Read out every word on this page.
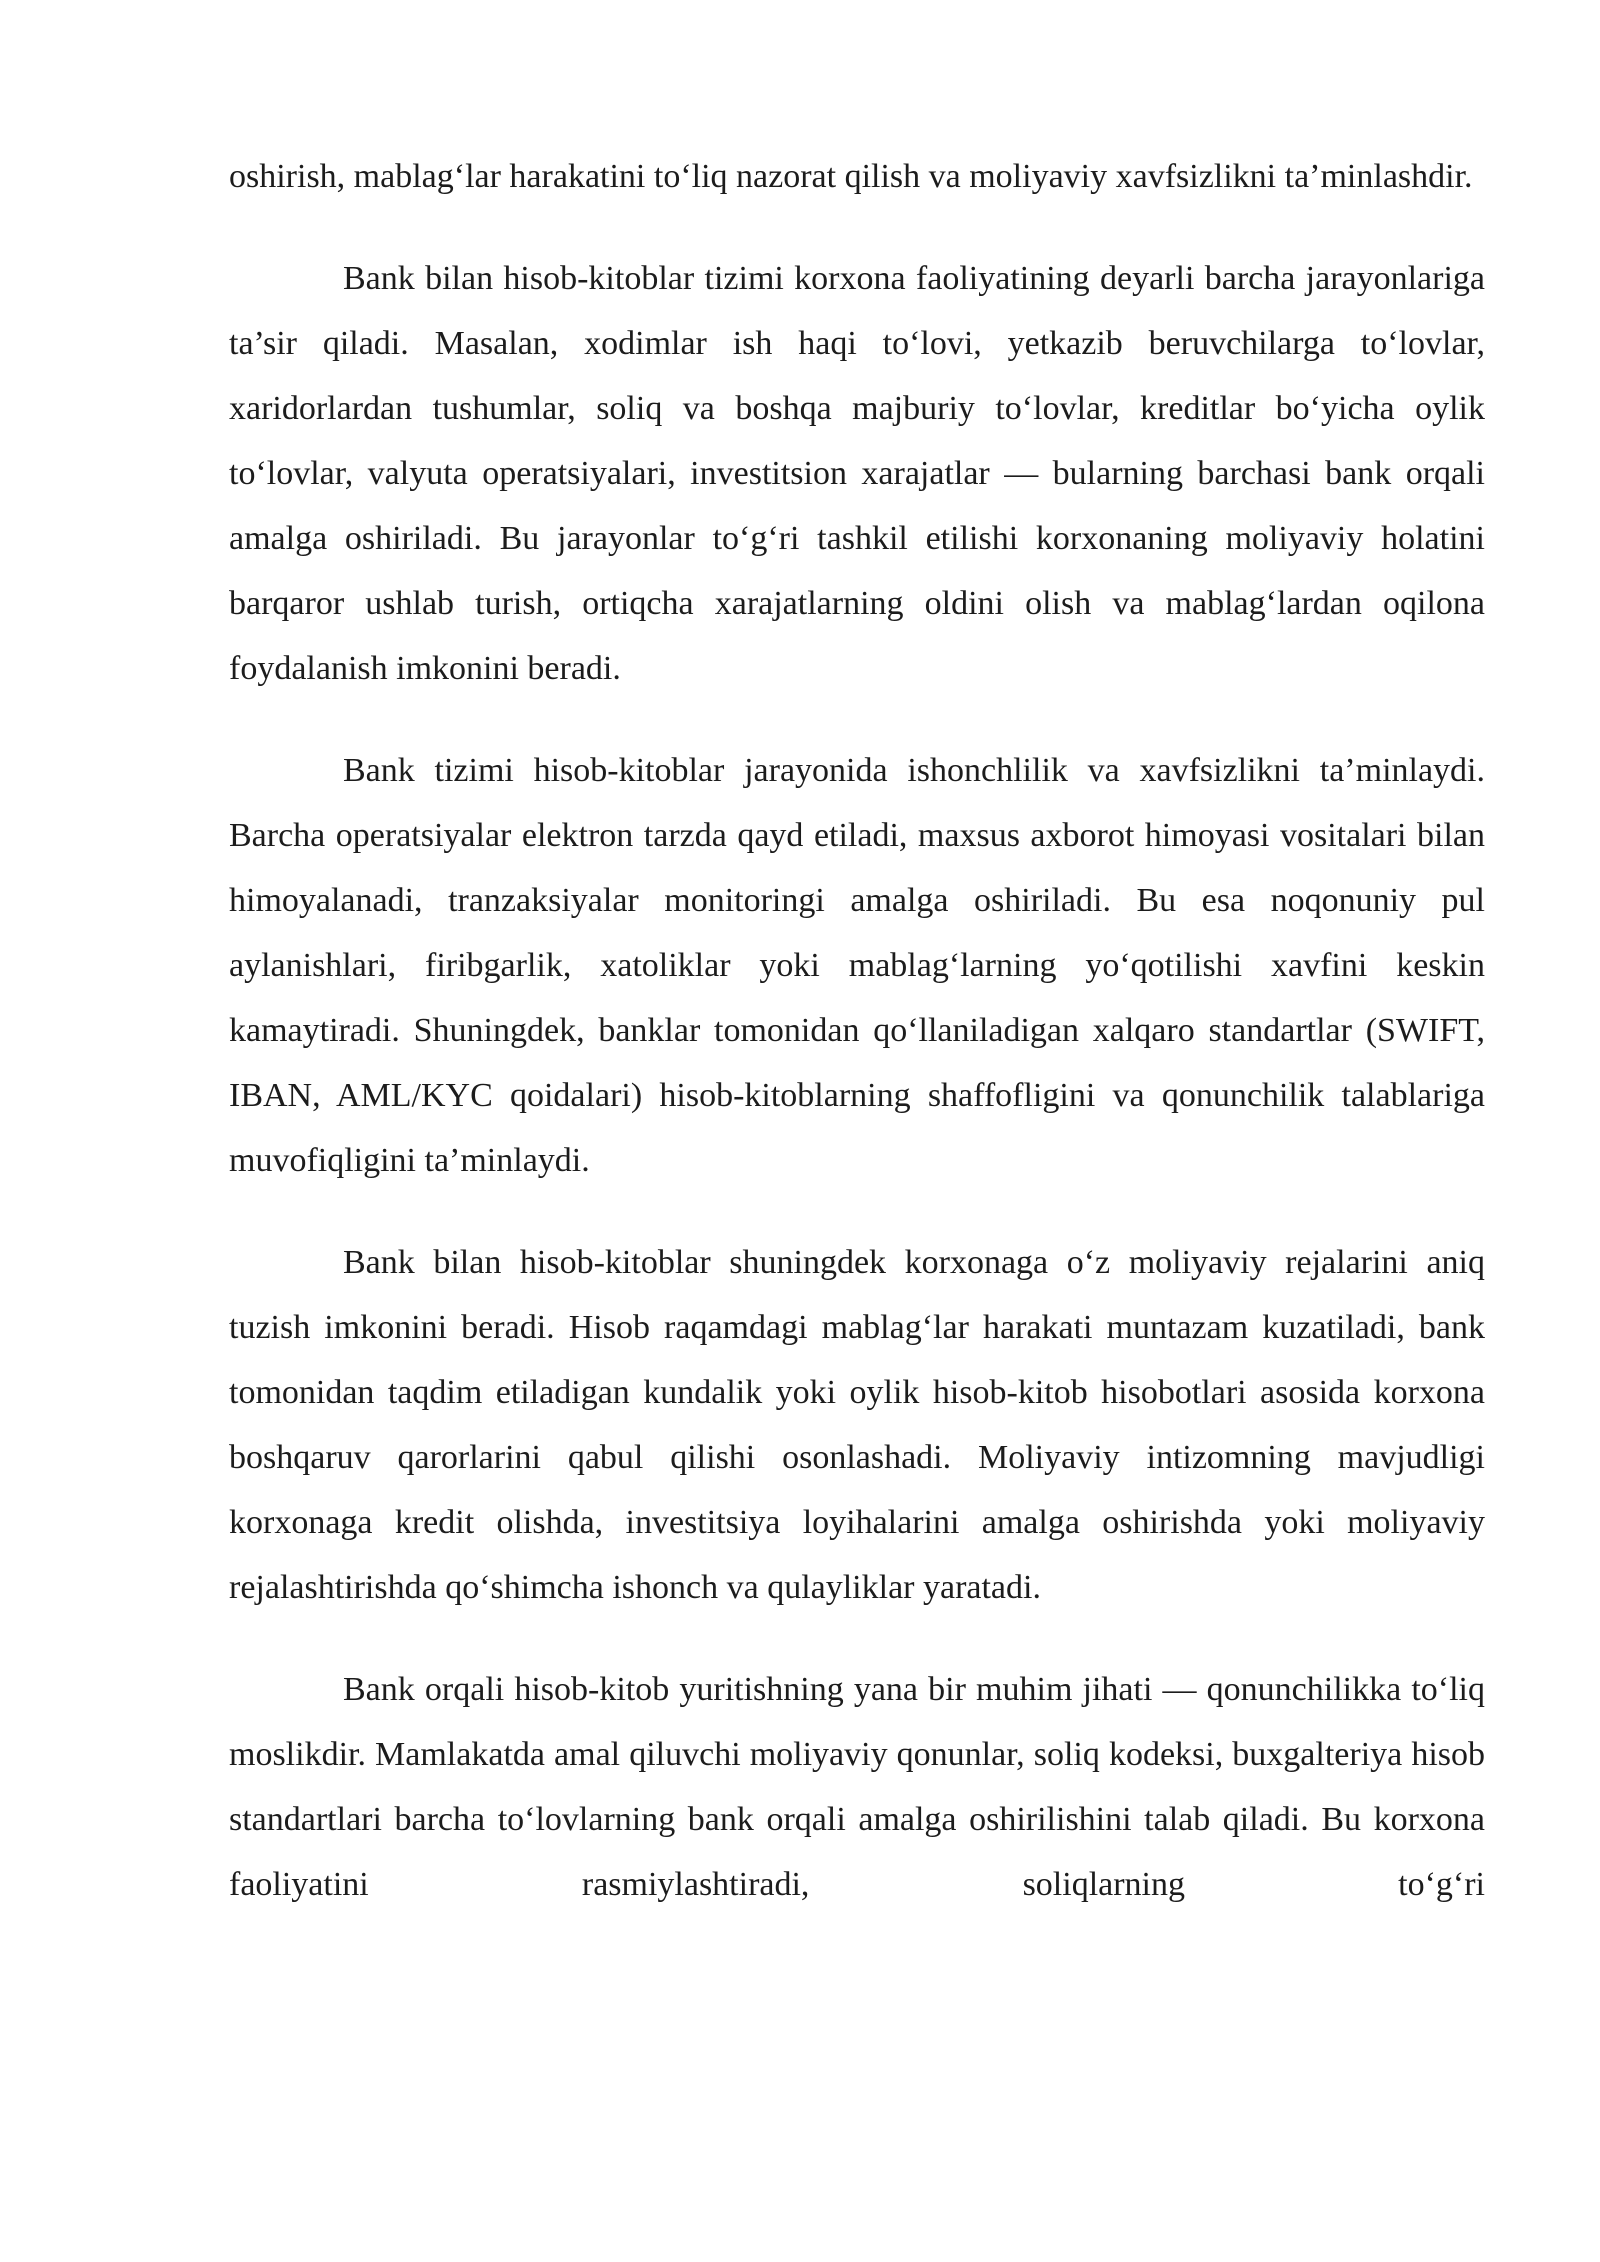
oshirish, mablag‘lar harakatini to‘liq nazorat qilish va moliyaviy xavfsizlikni ta’minlashdir.

Bank bilan hisob-kitoblar tizimi korxona faoliyatining deyarli barcha jarayonlariga ta’sir qiladi. Masalan, xodimlar ish haqi to‘lovi, yetkazib beruvchilarga to‘lovlar, xaridorlardan tushumlar, soliq va boshqa majburiy to‘lovlar, kreditlar bo‘yicha oylik to‘lovlar, valyuta operatsiyalari, investitsion xarajatlar — bularning barchasi bank orqali amalga oshiriladi. Bu jarayonlar to‘g‘ri tashkil etilishi korxonaning moliyaviy holatini barqaror ushlab turish, ortiqcha xarajatlarning oldini olish va mablag‘lardan oqilona foydalanish imkonini beradi.

Bank tizimi hisob-kitoblar jarayonida ishonchlilik va xavfsizlikni ta’minlaydi. Barcha operatsiyalar elektron tarzda qayd etiladi, maxsus axborot himoyasi vositalari bilan himoyalanadi, tranzaksiyalar monitoringi amalga oshiriladi. Bu esa noqonuniy pul aylanishlari, firibgarlik, xatoliklar yoki mablag‘larning yo‘qotilishi xavfini keskin kamaytiradi. Shuningdek, banklar tomonidan qo‘llaniladigan xalqaro standartlar (SWIFT, IBAN, AML/KYC qoidalari) hisob-kitoblarning shaffofligini va qonunchilik talablariga muvofiqligini ta’minlaydi.

Bank bilan hisob-kitoblar shuningdek korxonaga o‘z moliyaviy rejalarini aniq tuzish imkonini beradi. Hisob raqamdagi mablag‘lar harakati muntazam kuzatiladi, bank tomonidan taqdim etiladigan kundalik yoki oylik hisob-kitob hisobotlari asosida korxona boshqaruv qarorlarini qabul qilishi osonlashadi. Moliyaviy intizomning mavjudligi korxonaga kredit olishda, investitsiya loyihalarini amalga oshirishda yoki moliyaviy rejalashtirishda qo‘shimcha ishonch va qulayliklar yaratadi.

Bank orqali hisob-kitob yuritishning yana bir muhim jihati — qonunchilikka to‘liq moslikdir. Mamlakatda amal qiluvchi moliyaviy qonunlar, soliq kodeksi, buxgalteriya hisob standartlari barcha to‘lovlarning bank orqali amalga oshirilishini talab qiladi. Bu korxona faoliyatini rasmiylashtiradi, soliqlarning to‘g‘ri
